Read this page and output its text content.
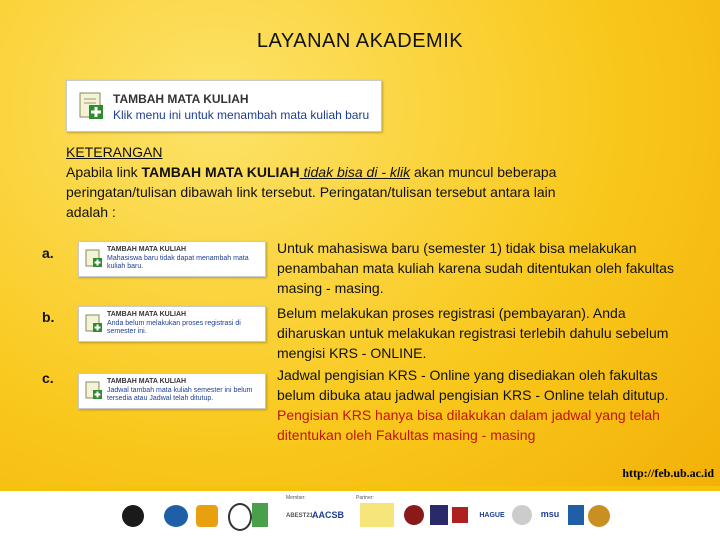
LAYANAN AKADEMIK
TAMBAH MATA KULIAH
Klik menu ini untuk menambah mata kuliah baru
KETERANGAN
Apabila link TAMBAH MATA KULIAH tidak bisa di - klik akan muncul beberapa peringatan/tulisan dibawah link tersebut. Peringatan/tulisan tersebut antara lain adalah :
a.	TAMBAH MATA KULIAH
Mahasiswa baru tidak dapat menambah mata kuliah baru.
Untuk mahasiswa baru (semester 1) tidak bisa melakukan penambahan mata kuliah karena sudah ditentukan oleh fakultas masing - masing.
b.	TAMBAH MATA KULIAH
Anda belum melakukan proses registrasi di semester ini.
Belum melakukan proses registrasi (pembayaran). Anda diharuskan untuk melakukan registrasi terlebih dahulu sebelum mengisi KRS - ONLINE.
c.	TAMBAH MATA KULIAH
Jadwal tambah mata kuliah semester ini belum tersedia atau Jadwal telah ditutup.
Jadwal pengisian KRS - Online yang disediakan oleh fakultas belum dibuka atau jadwal pengisian KRS - Online telah ditutup. Pengisian KRS hanya bisa dilakukan dalam jadwal yang telah ditentukan oleh Fakultas masing - masing
http://feb.ub.ac.id
Member:	Partner:
ABEST21
AACSB	HAGUE	msu
